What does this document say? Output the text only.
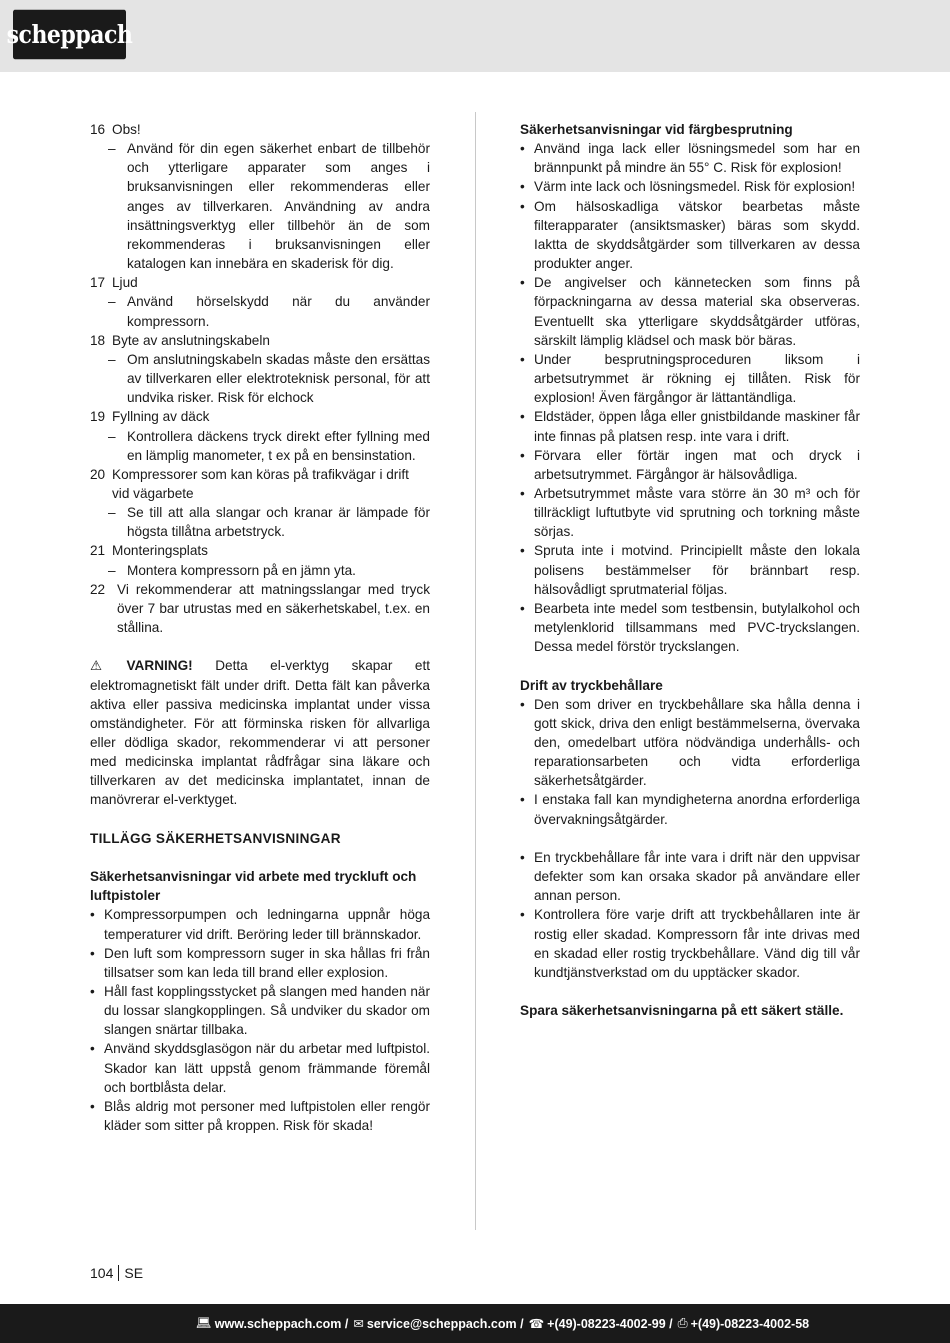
scheppach
16 Obs!
– Använd för din egen säkerhet enbart de tillbehör och ytterligare apparater som anges i bruksanvisningen eller rekommenderas eller anges av tillverkaren. Användning av andra insättningsverktyg eller tillbehör än de som rekommenderas i bruksanvisningen eller katalogen kan innebära en skaderisk för dig.
17 Ljud
– Använd hörselskydd när du använder kompressorn.
18 Byte av anslutningskabeln
– Om anslutningskabeln skadas måste den ersättas av tillverkaren eller elektroteknisk personal, för att undvika risker. Risk för elchock
19 Fyllning av däck
– Kontrollera däckens tryck direkt efter fyllning med en lämplig manometer, t ex på en bensinstation.
20 Kompressorer som kan köras på trafikvägar i drift vid vägarbete
– Se till att alla slangar och kranar är lämpade för högsta tillåtna arbetstryck.
21 Monteringsplats
– Montera kompressorn på en jämn yta.
22 Vi rekommenderar att matningsslangar med tryck över 7 bar utrustas med en säkerhetskabel, t.ex. en stållina.
⚠ VARNING! Detta el-verktyg skapar ett elektromagnetiskt fält under drift. Detta fält kan påverka aktiva eller passiva medicinska implantat under vissa omständigheter. För att förminska risken för allvarliga eller dödliga skador, rekommenderar vi att personer med medicinska implantat rådfrågar sina läkare och tillverkaren av det medicinska implantatet, innan de manövrerar el-verktyget.
TILLÄGG SÄKERHETSANVISNINGAR
Säkerhetsanvisningar vid arbete med tryckluft och luftpistoler
• Kompressorpumpen och ledningarna uppnår höga temperaturer vid drift. Beröring leder till brännskador.
• Den luft som kompressorn suger in ska hållas fri från tillsatser som kan leda till brand eller explosion.
• Håll fast kopplingsstycket på slangen med handen när du lossar slangkopplingen. Så undviker du skador om slangen snärtar tillbaka.
• Använd skyddsglasögon när du arbetar med luftpistol. Skador kan lätt uppstå genom främmande föremål och bortblåsta delar.
• Blås aldrig mot personer med luftpistolen eller rengör kläder som sitter på kroppen. Risk för skada!
Säkerhetsanvisningar vid färgbesprutning
• Använd inga lack eller lösningsmedel som har en brännpunkt på mindre än 55° C. Risk för explosion!
• Värm inte lack och lösningsmedel. Risk för explosion!
• Om hälsoskadliga vätskor bearbetas måste filterapparater (ansiktsmasker) bäras som skydd. Iaktta de skyddsåtgärder som tillverkaren av dessa produkter anger.
• De angivelser och kännetecken som finns på förpackningarna av dessa material ska observeras. Eventuellt ska ytterligare skyddsåtgärder utföras, särskilt lämplig klädsel och mask bör bäras.
• Under besprutningsproceduren liksom i arbetsutrymmet är rökning ej tillåten. Risk för explosion! Även färgångor är lättantändliga.
• Eldstäder, öppen låga eller gnistbildande maskiner får inte finnas på platsen resp. inte vara i drift.
• Förvara eller förtär ingen mat och dryck i arbetsutrymmet. Färgångor är hälsovådliga.
• Arbetsutrymmet måste vara större än 30 m³ och för tillräckligt luftutbyte vid sprutning och torkning måste sörjas.
• Spruta inte i motvind. Principiellt måste den lokala polisens bestämmelser för brännbart resp. hälsovådligt sprutmaterial följas.
• Bearbeta inte medel som testbensin, butylalkohol och metylenklorid tillsammans med PVC-tryckslangen. Dessa medel förstör tryckslangen.
Drift av tryckbehållare
• Den som driver en tryckbehållare ska hålla denna i gott skick, driva den enligt bestämmelserna, övervaka den, omedelbart utföra nödvändiga underhålls- och reparationsarbeten och vidta erforderliga säkerhetsåtgärder.
• I enstaka fall kan myndigheterna anordna erforderliga övervakningsåtgärder.
• En tryckbehållare får inte vara i drift när den uppvisar defekter som kan orsaka skador på användare eller annan person.
• Kontrollera före varje drift att tryckbehållaren inte är rostig eller skadad. Kompressorn får inte drivas med en skadad eller rostig tryckbehållare. Vänd dig till vår kundtjänstverkstad om du upptäcker skador.
Spara säkerhetsanvisningarna på ett säkert ställe.
104 SE
💻︎ www.scheppach.com / ✉ service@scheppach.com / ☎ +(49)-08223-4002-99 / ⎙ +(49)-08223-4002-58
